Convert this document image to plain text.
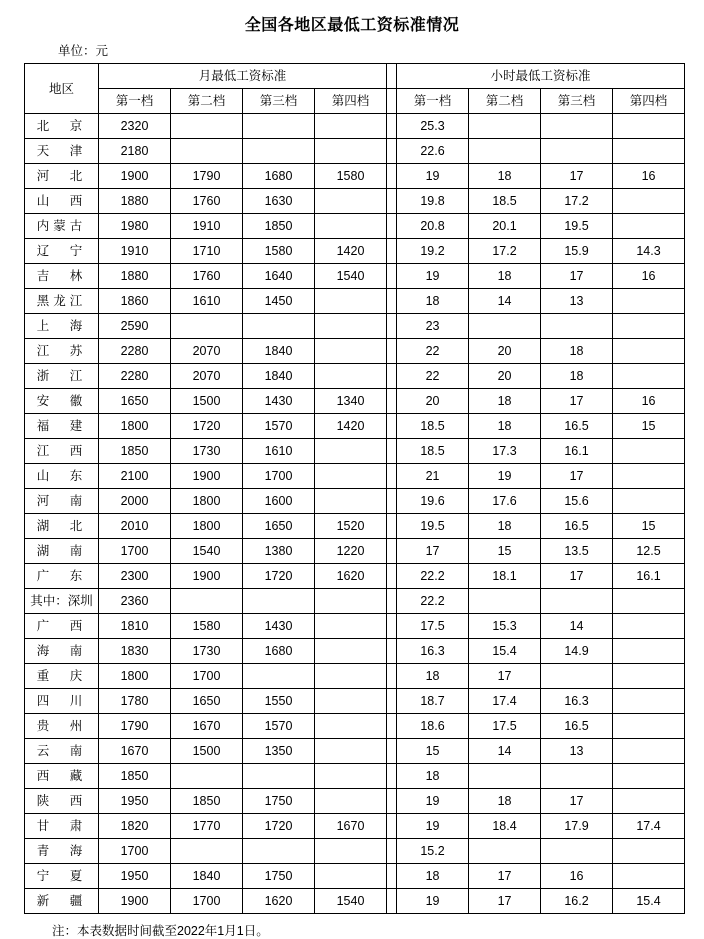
全国各地区最低工资标准情况
单位：元
地区	月最低工资标准					小时最低工资标准			
	第一档	第二档	第三档	第四档		第一档	第二档	第三档	第四档
北　京	2320					25.3			
天　津	2180					22.6			
河　北	1900	1790	1680	1580		19	18	17	16
山　西	1880	1760	1630			19.8	18.5	17.2	
内蒙古	1980	1910	1850			20.8	20.1	19.5	
辽　宁	1910	1710	1580	1420		19.2	17.2	15.9	14.3
吉　林	1880	1760	1640	1540		19	18	17	16
黑龙江	1860	1610	1450			18	14	13	
上　海	2590					23			
江　苏	2280	2070	1840			22	20	18	
浙　江	2280	2070	1840			22	20	18	
安　徽	1650	1500	1430	1340		20	18	17	16
福　建	1800	1720	1570	1420		18.5	18	16.5	15
江　西	1850	1730	1610			18.5	17.3	16.1	
山　东	2100	1900	1700			21	19	17	
河　南	2000	1800	1600			19.6	17.6	15.6	
湖　北	2010	1800	1650	1520		19.5	18	16.5	15
湖　南	1700	1540	1380	1220		17	15	13.5	12.5
广　东	2300	1900	1720	1620		22.2	18.1	17	16.1
其中：深圳	2360					22.2			
广　西	1810	1580	1430			17.5	15.3	14	
海　南	1830	1730	1680			16.3	15.4	14.9	
重　庆	1800	1700				18	17		
四　川	1780	1650	1550			18.7	17.4	16.3	
贵　州	1790	1670	1570			18.6	17.5	16.5	
云　南	1670	1500	1350			15	14	13	
西　藏	1850					18			
陕　西	1950	1850	1750			19	18	17	
甘　肃	1820	1770	1720	1670		19	18.4	17.9	17.4
青　海	1700					15.2			
宁　夏	1950	1840	1750			18	17	16	
新　疆	1900	1700	1620	1540		19	17	16.2	15.4
注：本表数据时间截至2022年1月1日。
